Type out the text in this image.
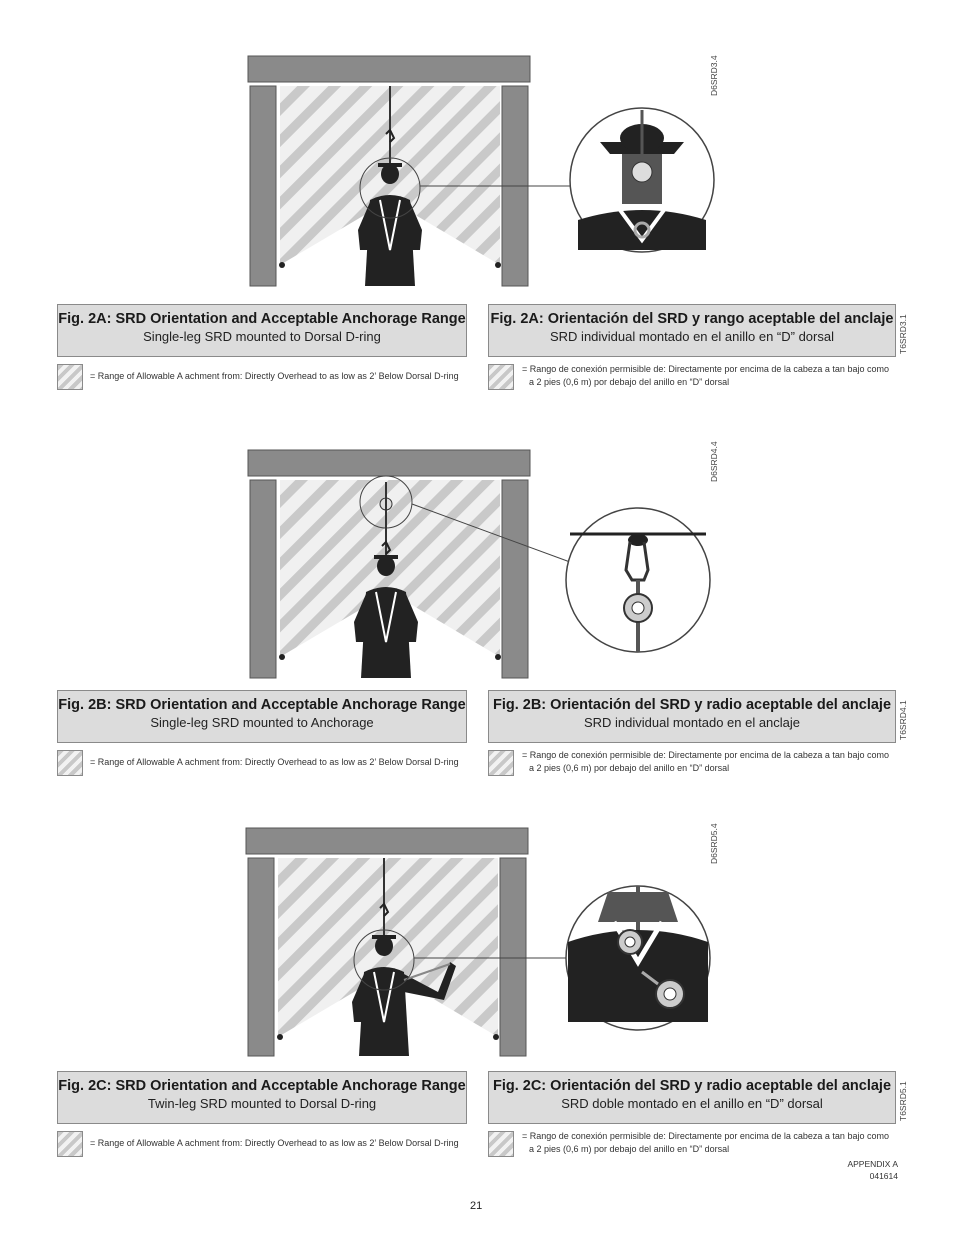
D6SRD3.4
Fig. 2A: SRD Orientation and Acceptable Anchorage Range
Single-leg SRD mounted to Dorsal D-ring
Fig. 2A: Orientación del SRD y rango aceptable del anclaje
SRD individual montado en el anillo en “D” dorsal	T6SRD3.1
= Range of Allowable A achment from: Directly Overhead to as low as 2’ Below Dorsal D-ring
= Rango de conexión permisible de: Directamente por encima de la cabeza a tan bajo como
a 2 pies (0,6 m) por debajo del anillo en “D” dorsal
D6SRD4.4
Fig. 2B: SRD Orientation and Acceptable Anchorage Range
Single-leg SRD mounted to Anchorage
Fig. 2B: Orientación del SRD y radio aceptable del anclaje
SRD individual montado en el anclaje	T6SRD4.1
= Range of Allowable A achment from: Directly Overhead to as low as 2’ Below Dorsal D-ring
= Rango de conexión permisible de: Directamente por encima de la cabeza a tan bajo como
a 2 pies (0,6 m) por debajo del anillo en “D” dorsal
D6SRD5.4
Fig. 2C: SRD Orientation and Acceptable Anchorage Range
Twin-leg SRD mounted to Dorsal D-ring
Fig. 2C: Orientación del SRD y radio aceptable del anclaje
SRD doble montado en el anillo en “D” dorsal	T6SRD5.1
= Range of Allowable A achment from: Directly Overhead to as low as 2’ Below Dorsal D-ring
= Rango de conexión permisible de: Directamente por encima de la cabeza a tan bajo como
a 2 pies (0,6 m) por debajo del anillo en “D” dorsal
APPENDIX A
041614
21
